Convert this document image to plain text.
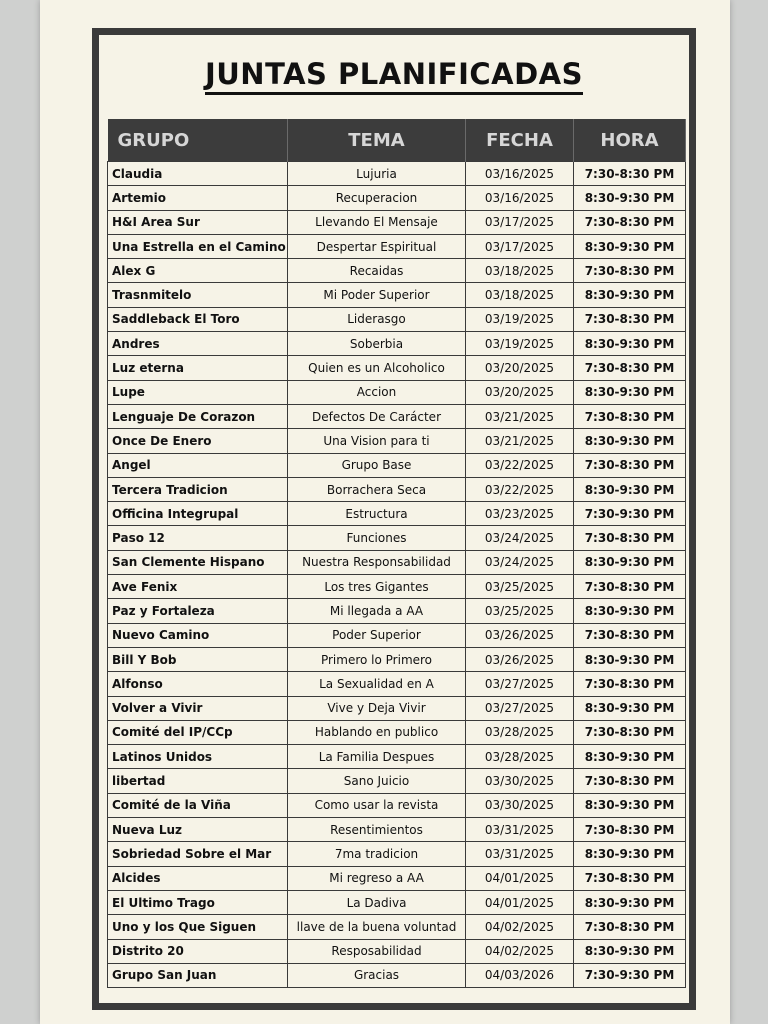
JUNTAS PLANIFICADAS
GRUPO	TEMA	FECHA	HORA
Claudia	Lujuria	03/16/2025	7:30-8:30 PM
Artemio	Recuperacion	03/16/2025	8:30-9:30 PM
H&I Area Sur	Llevando El Mensaje	03/17/2025	7:30-8:30 PM
Una Estrella en el Camino	Despertar Espiritual	03/17/2025	8:30-9:30 PM
Alex G	Recaidas	03/18/2025	7:30-8:30 PM
Trasnmitelo	Mi Poder Superior	03/18/2025	8:30-9:30 PM
Saddleback El Toro	Liderasgo	03/19/2025	7:30-8:30 PM
Andres	Soberbia	03/19/2025	8:30-9:30 PM
Luz eterna	Quien es un Alcoholico	03/20/2025	7:30-8:30 PM
Lupe	Accion	03/20/2025	8:30-9:30 PM
Lenguaje De Corazon	Defectos De Carácter	03/21/2025	7:30-8:30 PM
Once De Enero	Una Vision para ti	03/21/2025	8:30-9:30 PM
Angel	Grupo Base	03/22/2025	7:30-8:30 PM
Tercera Tradicion	Borrachera Seca	03/22/2025	8:30-9:30 PM
Officina Integrupal	Estructura	03/23/2025	7:30-9:30 PM
Paso 12	Funciones	03/24/2025	7:30-8:30 PM
San Clemente Hispano	Nuestra Responsabilidad	03/24/2025	8:30-9:30 PM
Ave Fenix	Los tres Gigantes	03/25/2025	7:30-8:30 PM
Paz y Fortaleza	Mi llegada a AA	03/25/2025	8:30-9:30 PM
Nuevo Camino	Poder Superior	03/26/2025	7:30-8:30 PM
Bill Y Bob	Primero lo Primero	03/26/2025	8:30-9:30 PM
Alfonso	La Sexualidad en A	03/27/2025	7:30-8:30 PM
Volver a Vivir	Vive y Deja Vivir	03/27/2025	8:30-9:30 PM
Comité del IP/CCp	Hablando en publico	03/28/2025	7:30-8:30 PM
Latinos Unidos	La Familia Despues	03/28/2025	8:30-9:30 PM
libertad	Sano Juicio	03/30/2025	7:30-8:30 PM
Comité de la Viña	Como usar la revista	03/30/2025	8:30-9:30 PM
Nueva Luz	Resentimientos	03/31/2025	7:30-8:30 PM
Sobriedad Sobre el Mar	7ma tradicion	03/31/2025	8:30-9:30 PM
Alcides	Mi regreso a AA	04/01/2025	7:30-8:30 PM
El Ultimo Trago	La Dadiva	04/01/2025	8:30-9:30 PM
Uno y los Que Siguen	llave de la buena voluntad	04/02/2025	7:30-8:30 PM
Distrito 20	Resposabilidad	04/02/2025	8:30-9:30 PM
Grupo San Juan	Gracias	04/03/2026	7:30-9:30 PM
